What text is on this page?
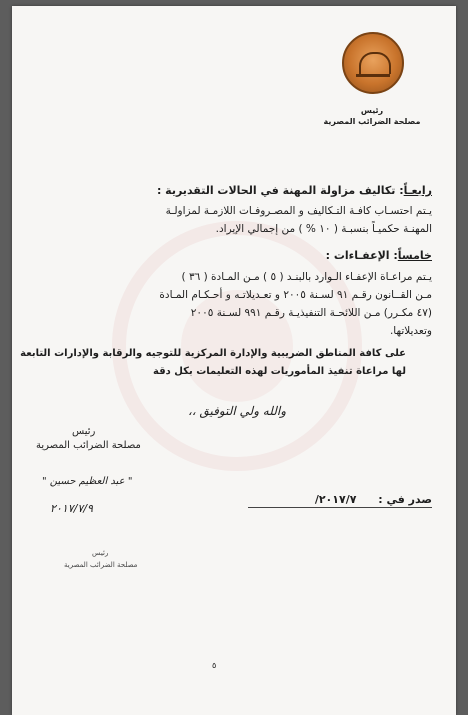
رئيس
مصلحة الضرائب المصرية
رابعـاً: تكاليف مزاولة المهنة في الحالات التقديرية :
يـتم احتسـاب كافـة التـكاليف و المصـروفـات اللازمـة لمزاولـة
المهنـة حكميـاً بنسبـة ( ١٠ % ) من إجمالي الإيراد.
خامساً: الإعفـاءات :
يـتم مراعـاة الإعفـاء الـوارد بالبنـد ( ٥ ) مـن المـادة ( ٣٦ )
مـن القــانون رقـم ٩١ لسـنة ٢٠٠٥ و تعـديلاتـه و أحـكـام المـادة
(٤٧ مكـرر) مـن اللائحـة التنفيذيـة رقـم ٩٩١ لسـنة ٢٠٠٥
وتعديلاتها.
على كافة المناطق الضريبية والإدارة المركزية للتوجيه والرقابة والإدارات التابعة
لها مراعاة تنفيذ المأموريات لهذه التعليمات بكل دقة
والله ولي التوفيق ،،
رئيس
مصلحة الضرائب المصرية
صدر في : ٢٠١٧/٧/
" عبد العظيم حسين "
٢٠١٧/٧/٩
رئيس
مصلحة الضرائب المصرية
٥
